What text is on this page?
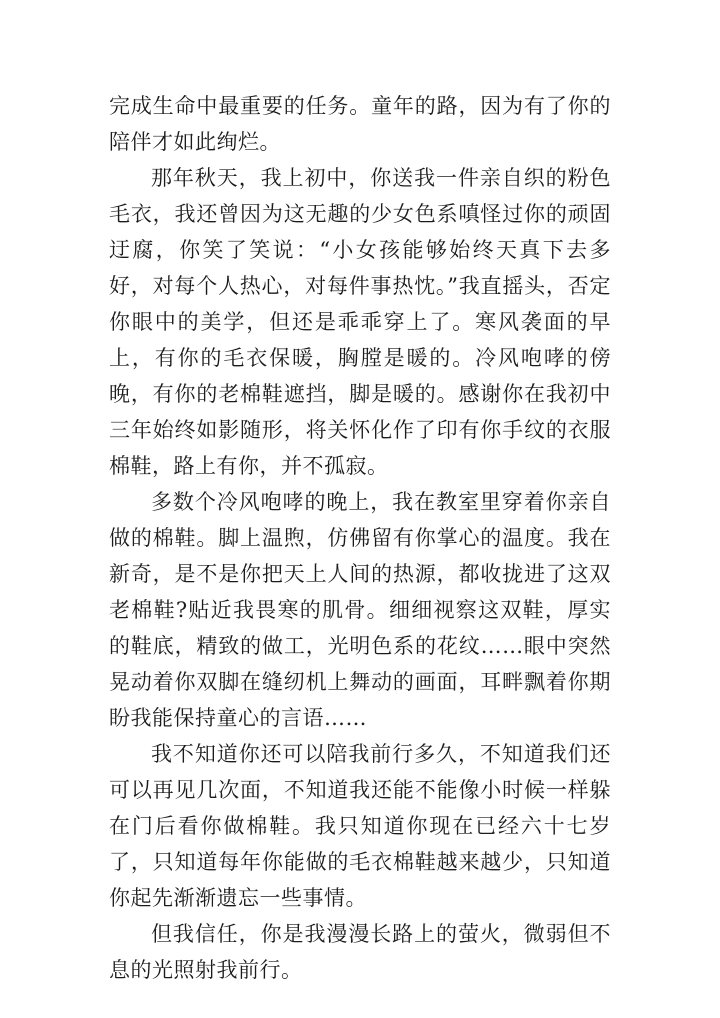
完成生命中最重要的任务。童年的路，因为有了你的陪伴才如此绚烂。

那年秋天，我上初中，你送我一件亲自织的粉色毛衣，我还曾因为这无趣的少女色系嗔怪过你的顽固迂腐，你笑了笑说：“小女孩能够始终天真下去多好，对每个人热心，对每件事热忱。”我直摇头，否定你眼中的美学，但还是乖乖穿上了。寒风袭面的早上，有你的毛衣保暖，胸膛是暖的。冷风咆哮的傍晚，有你的老棉鞋遮挡，脚是暖的。感谢你在我初中三年始终如影随形，将关怀化作了印有你手纹的衣服棉鞋，路上有你，并不孤寂。

多数个冷风咆哮的晚上，我在教室里穿着你亲自做的棉鞋。脚上温煦，仿佛留有你掌心的温度。我在新奇，是不是你把天上人间的热源，都收拢进了这双老棉鞋?贴近我畏寒的肌骨。细细视察这双鞋，厚实的鞋底，精致的做工，光明色系的花纹……眼中突然晃动着你双脚在缝纫机上舞动的画面，耳畔飘着你期盼我能保持童心的言语……

我不知道你还可以陪我前行多久，不知道我们还可以再见几次面，不知道我还能不能像小时候一样躲在门后看你做棉鞋。我只知道你现在已经六十七岁了，只知道每年你能做的毛衣棉鞋越来越少，只知道你起先渐渐遗忘一些事情。

但我信任，你是我漫漫长路上的萤火，微弱但不息的光照射我前行。
